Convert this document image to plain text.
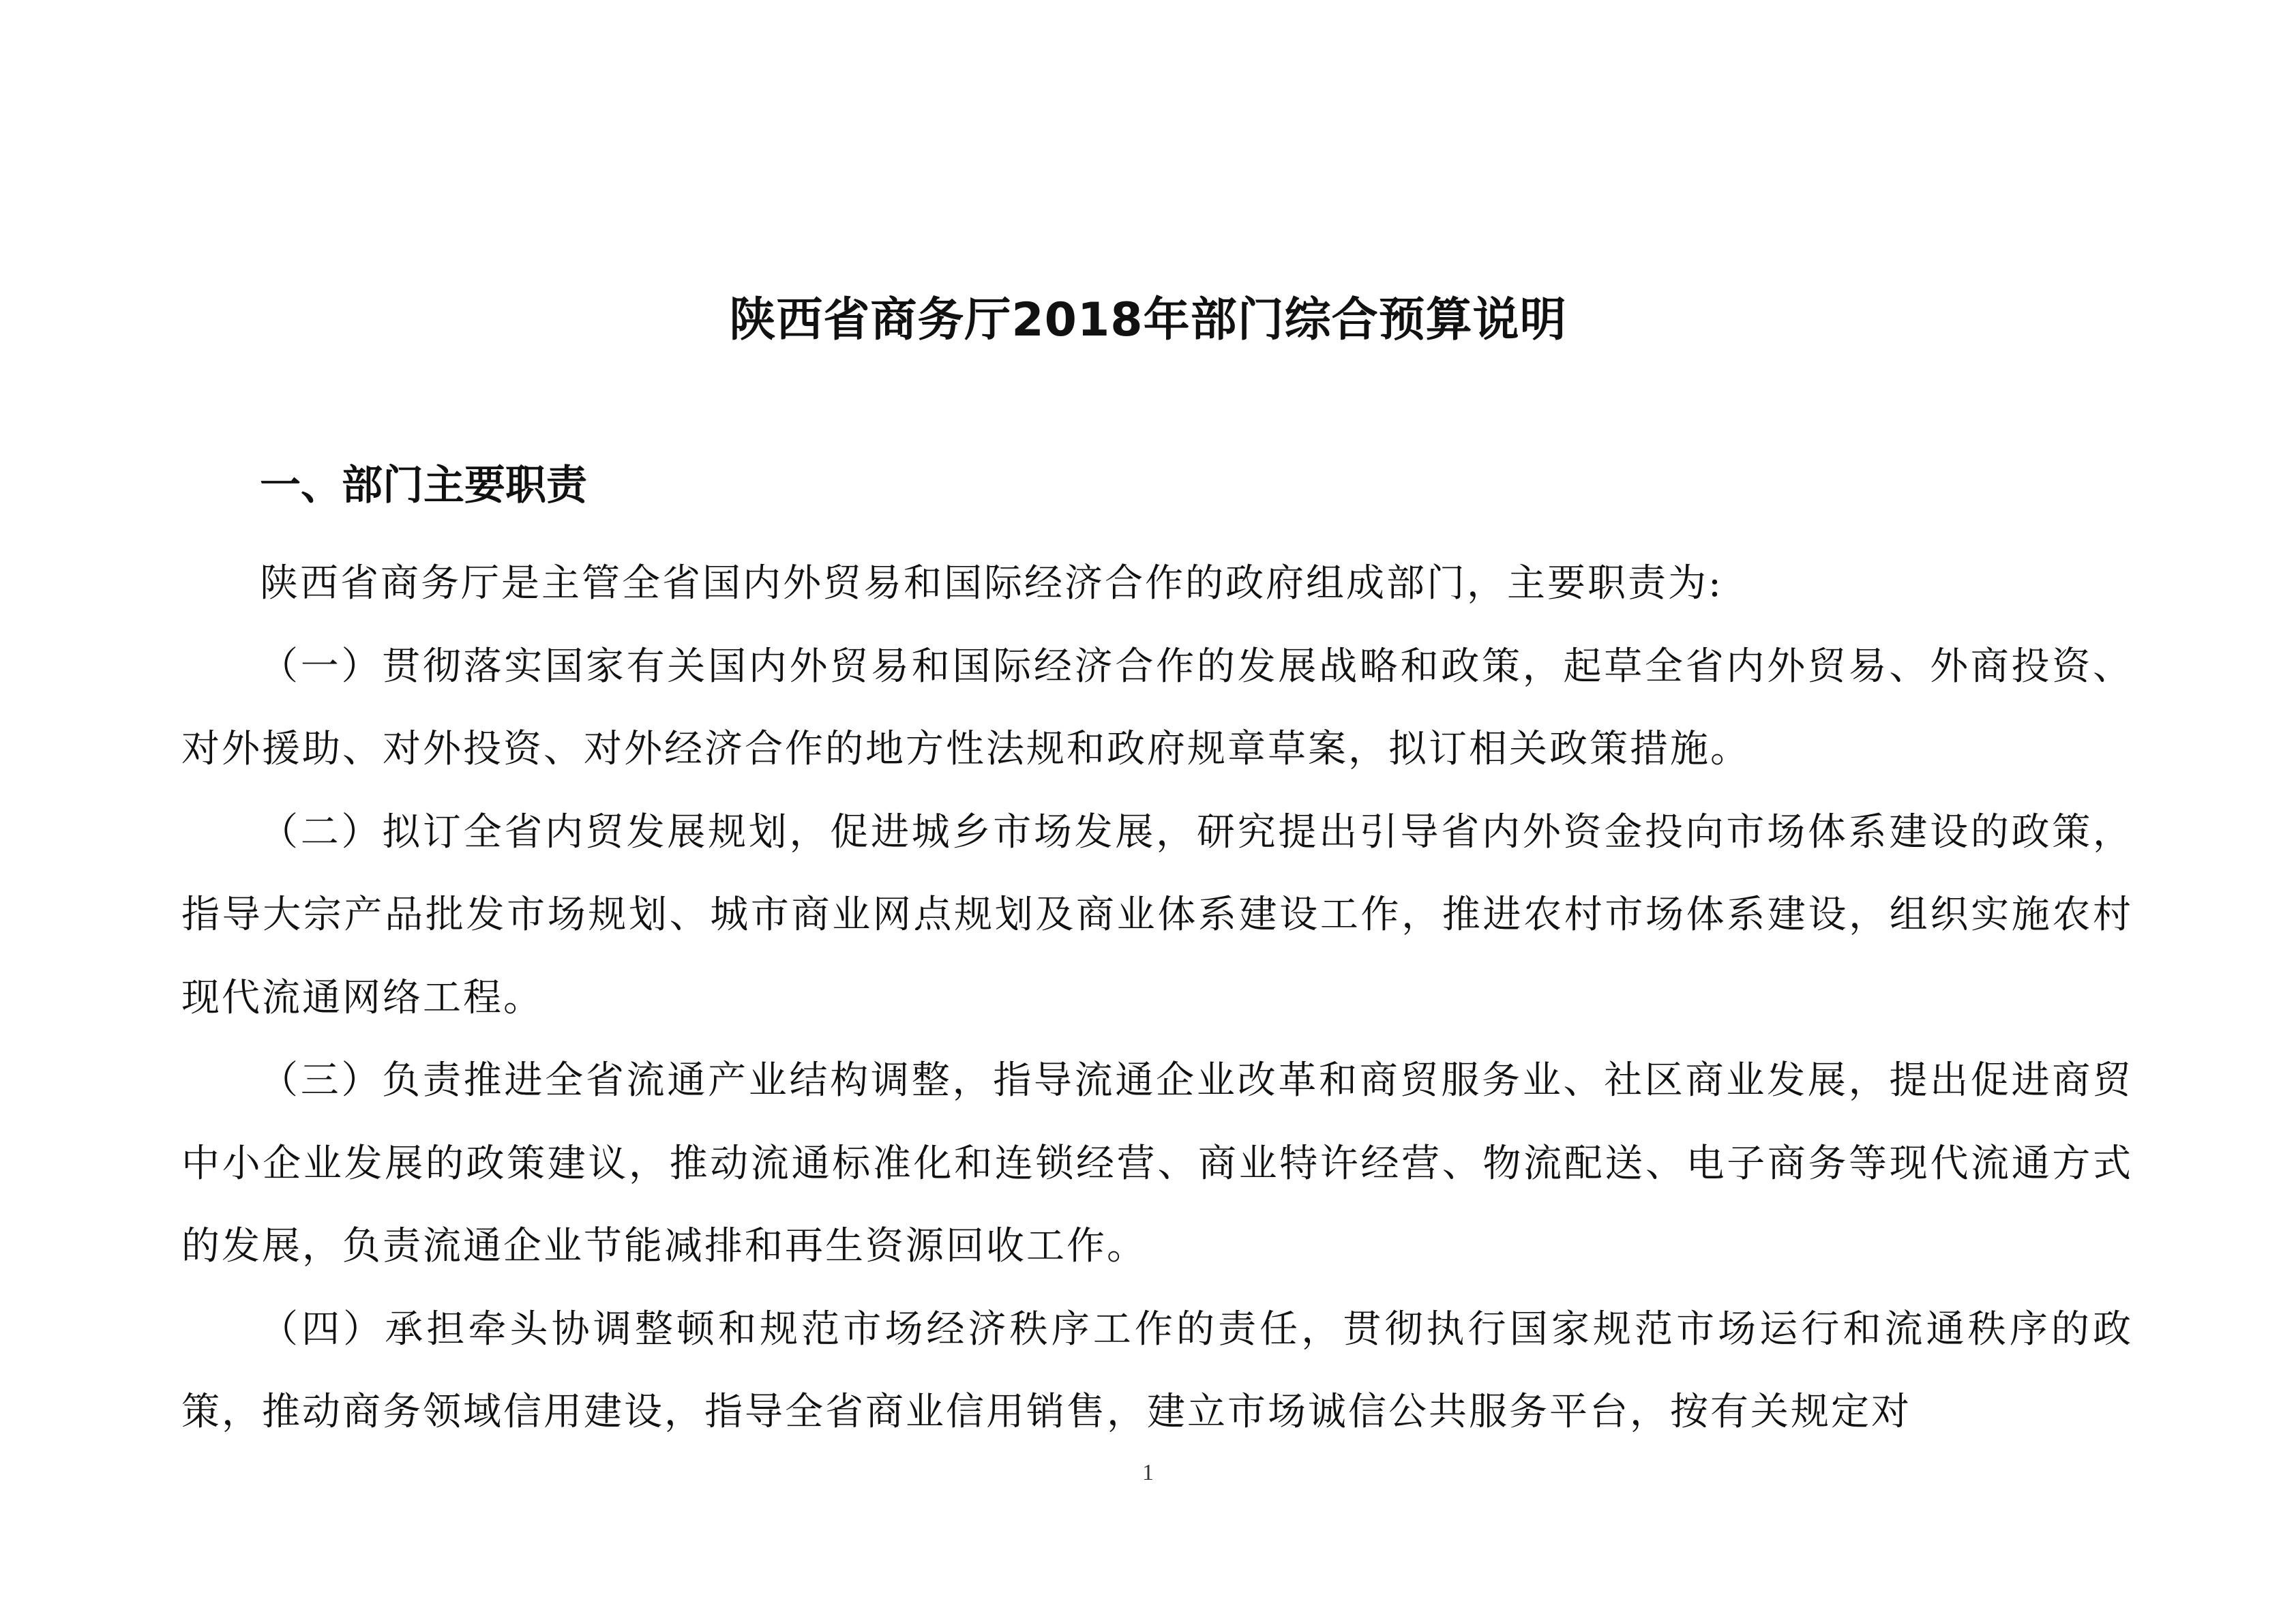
陕西省商务厅2018年部门综合预算说明
一、部门主要职责

陕西省商务厅是主管全省国内外贸易和国际经济合作的政府组成部门，主要职责为:

（一）贯彻落实国家有关国内外贸易和国际经济合作的发展战略和政策，起草全省内外贸易、外商投资、对外援助、对外投资、对外经济合作的地方性法规和政府规章草案，拟订相关政策措施。

（二）拟订全省内贸发展规划，促进城乡市场发展，研究提出引导省内外资金投向市场体系建设的政策，指导大宗产品批发市场规划、城市商业网点规划及商业体系建设工作，推进农村市场体系建设，组织实施农村现代流通网络工程。

（三）负责推进全省流通产业结构调整，指导流通企业改革和商贸服务业、社区商业发展，提出促进商贸中小企业发展的政策建议，推动流通标准化和连锁经营、商业特许经营、物流配送、电子商务等现代流通方式的发展，负责流通企业节能减排和再生资源回收工作。

（四）承担牵头协调整顿和规范市场经济秩序工作的责任，贯彻执行国家规范市场运行和流通秩序的政策，推动商务领域信用建设，指导全省商业信用销售，建立市场诚信公共服务平台，按有关规定对

1
